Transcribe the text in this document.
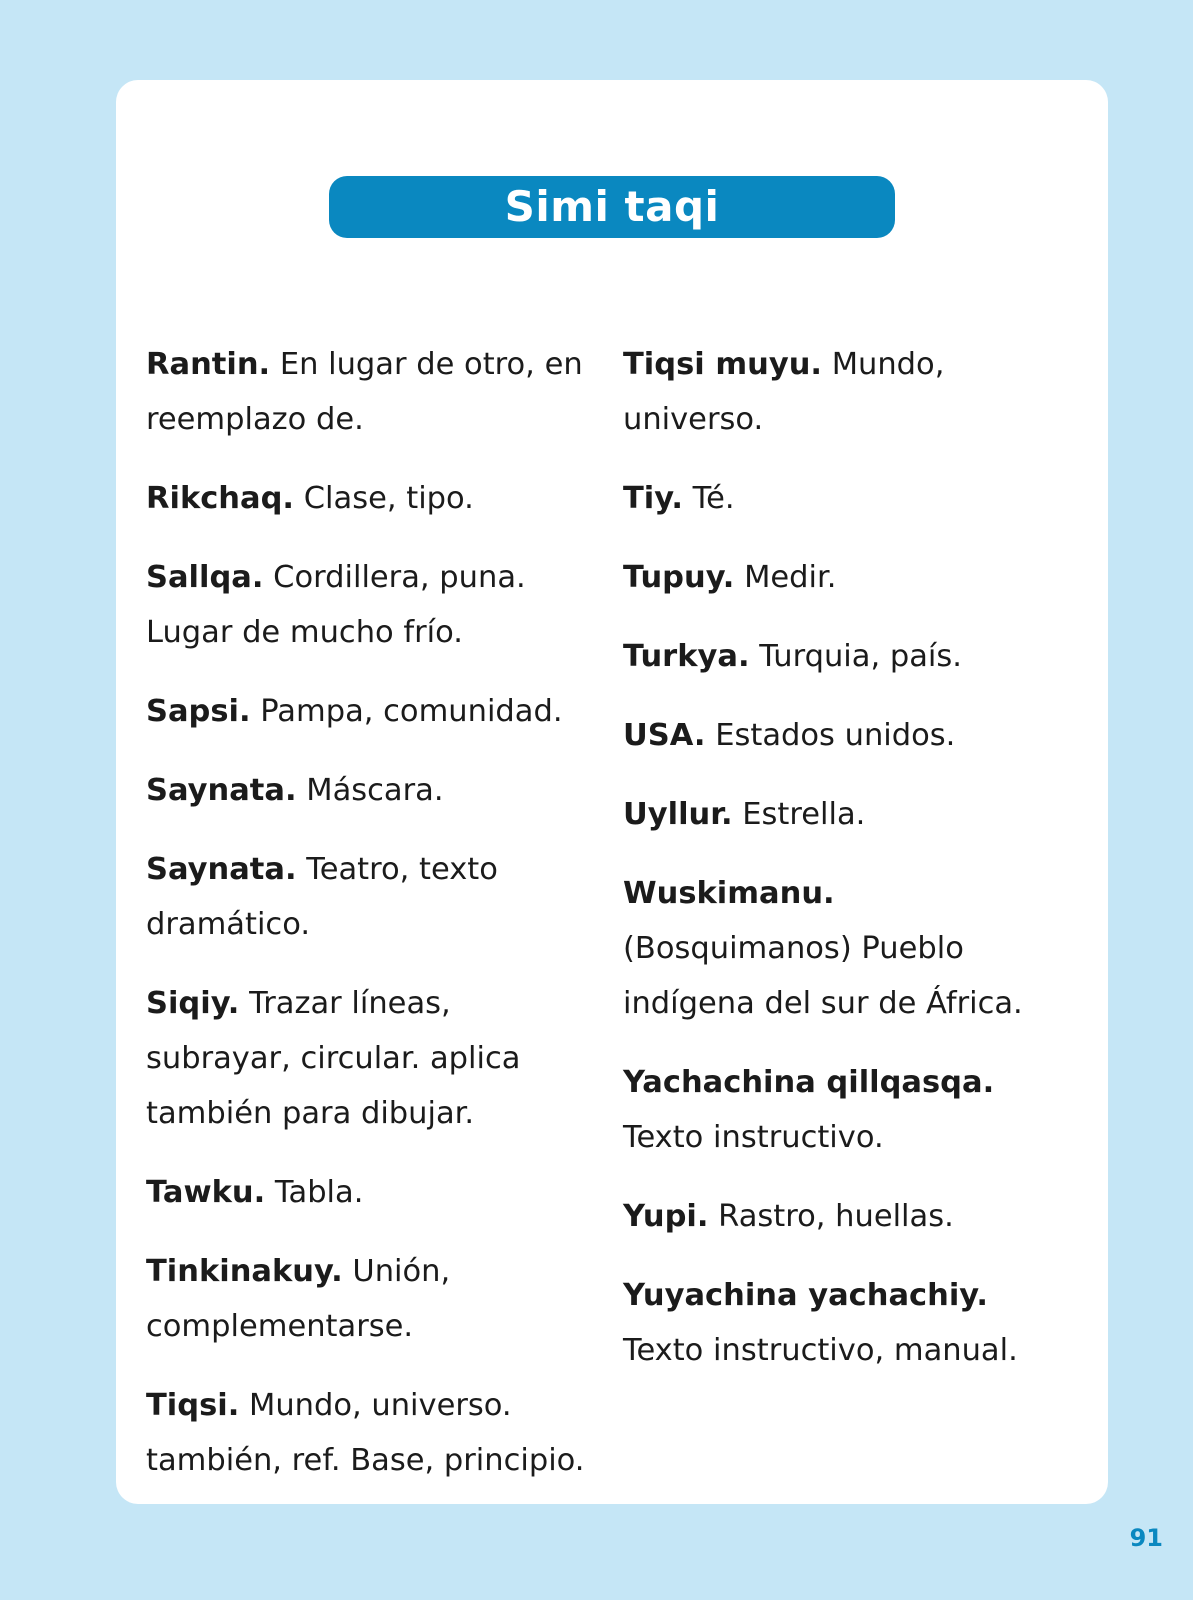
Simi taqi

Rantin. En lugar de otro, en reemplazo de.

Rikchaq. Clase, tipo.

Sallqa. Cordillera, puna. Lugar de mucho frío.

Sapsi. Pampa, comunidad.

Saynata. Máscara.

Saynata. Teatro, texto dramático.

Siqiy. Trazar líneas, subrayar, circular. aplica también para dibujar.

Tawku. Tabla.

Tinkinakuy. Unión, complementarse.

Tiqsi. Mundo, universo. también, ref. Base, principio.

Tiqsi muyu. Mundo, universo.

Tiy. Té.

Tupuy. Medir.

Turkya. Turquia, país.

USA. Estados unidos.

Uyllur. Estrella.

Wuskimanu. (Bosquimanos) Pueblo indígena del sur de África.

Yachachina qillqasqa. Texto instructivo.

Yupi. Rastro, huellas.

Yuyachina yachachiy. Texto instructivo, manual.

91
